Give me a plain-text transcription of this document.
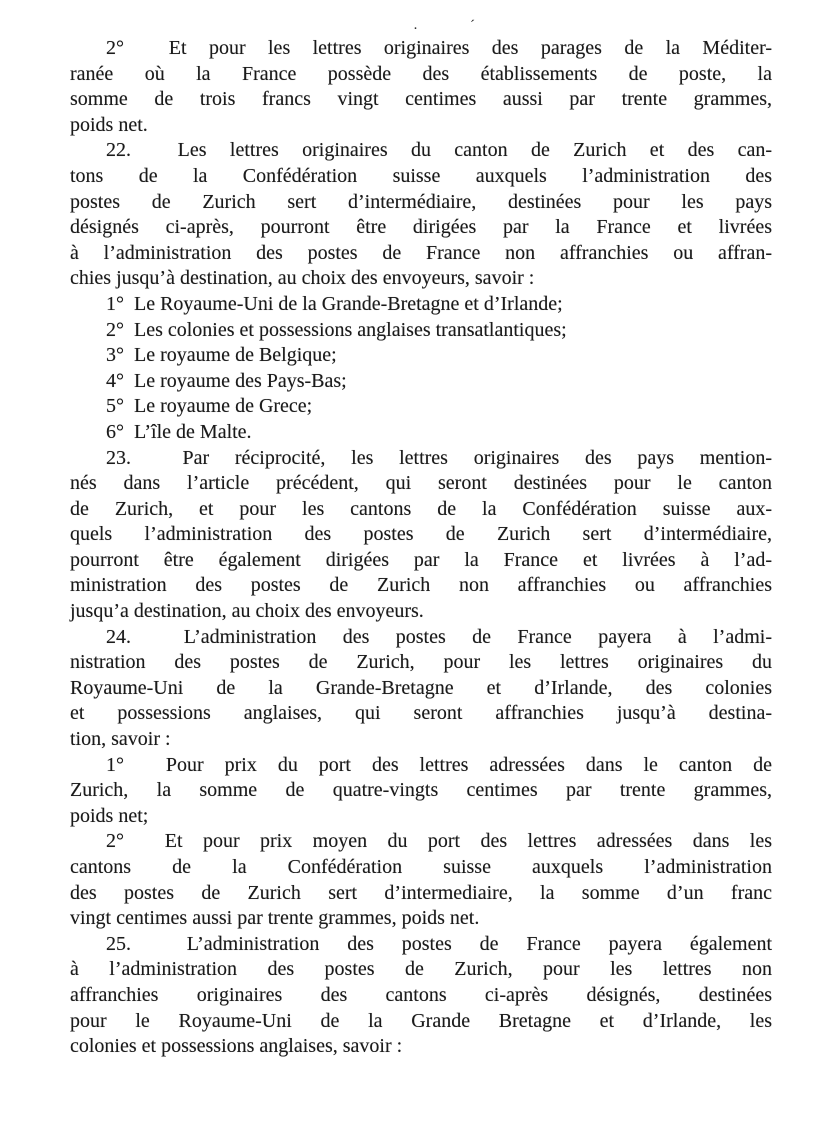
2°  Et pour les lettres originaires des parages de la Méditer-
ranée où la France possède des établissements de poste, la
somme de trois francs vingt centimes aussi par trente grammes,
poids net.
22.  Les lettres originaires du canton de Zurich et des can-
tons de la Confédération suisse auxquels l’administration des
postes de Zurich sert d’intermédiaire, destinées pour les pays
désignés ci-après, pourront être dirigées par la France et livrées
à l’administration des postes de France non affranchies ou affran-
chies jusqu’à destination, au choix des envoyeurs, savoir :
1°  Le Royaume-Uni de la Grande-Bretagne et d’Irlande;
2°  Les colonies et possessions anglaises transatlantiques;
3°  Le royaume de Belgique;
4°  Le royaume des Pays-Bas;
5°  Le royaume de Grece;
6°  L’île de Malte.
23.  Par réciprocité, les lettres originaires des pays mention-
nés dans l’article précédent, qui seront destinées pour le canton
de Zurich, et pour les cantons de la Confédération suisse aux-
quels l’administration des postes de Zurich sert d’intermédiaire,
pourront être également dirigées par la France et livrées à l’ad-
ministration des postes de Zurich non affranchies ou affranchies
jusqu’a destination, au choix des envoyeurs.
24.  L’administration des postes de France payera à l’admi-
nistration des postes de Zurich, pour les lettres originaires du
Royaume-Uni de la Grande-Bretagne et d’Irlande, des colonies
et possessions anglaises, qui seront affranchies jusqu’à destina-
tion, savoir :
1°  Pour prix du port des lettres adressées dans le canton de
Zurich, la somme de quatre-vingts centimes par trente grammes,
poids net;
2°  Et pour prix moyen du port des lettres adressées dans les
cantons de la Confédération suisse auxquels l’administration
des postes de Zurich sert d’intermediaire, la somme d’un franc
vingt centimes aussi par trente grammes, poids net.
25.  L’administration des postes de France payera également
à l’administration des postes de Zurich, pour les lettres non
affranchies originaires des cantons ci-après désignés, destinées
pour le Royaume-Uni de la Grande Bretagne et d’Irlande, les
colonies et possessions anglaises, savoir :
·	´
